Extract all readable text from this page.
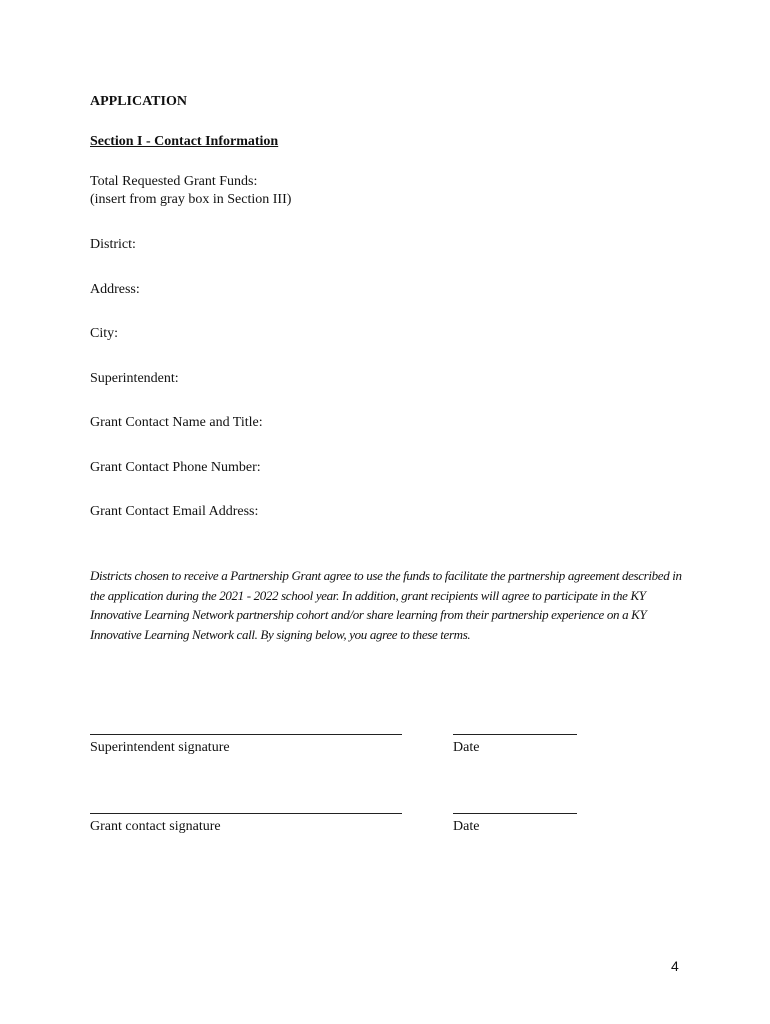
APPLICATION
Section I - Contact Information
Total Requested Grant Funds:
(insert from gray box in Section III)
District:
Address:
City:
Superintendent:
Grant Contact Name and Title:
Grant Contact Phone Number:
Grant Contact Email Address:
Districts chosen to receive a Partnership Grant agree to use the funds to facilitate the partnership agreement described in the application during the 2021 - 2022 school year. In addition, grant recipients will agree to participate in the KY Innovative Learning Network partnership cohort and/or share learning from their partnership experience on a KY Innovative Learning Network call. By signing below, you agree to these terms.
Superintendent signature	Date
Grant contact signature	Date
4
